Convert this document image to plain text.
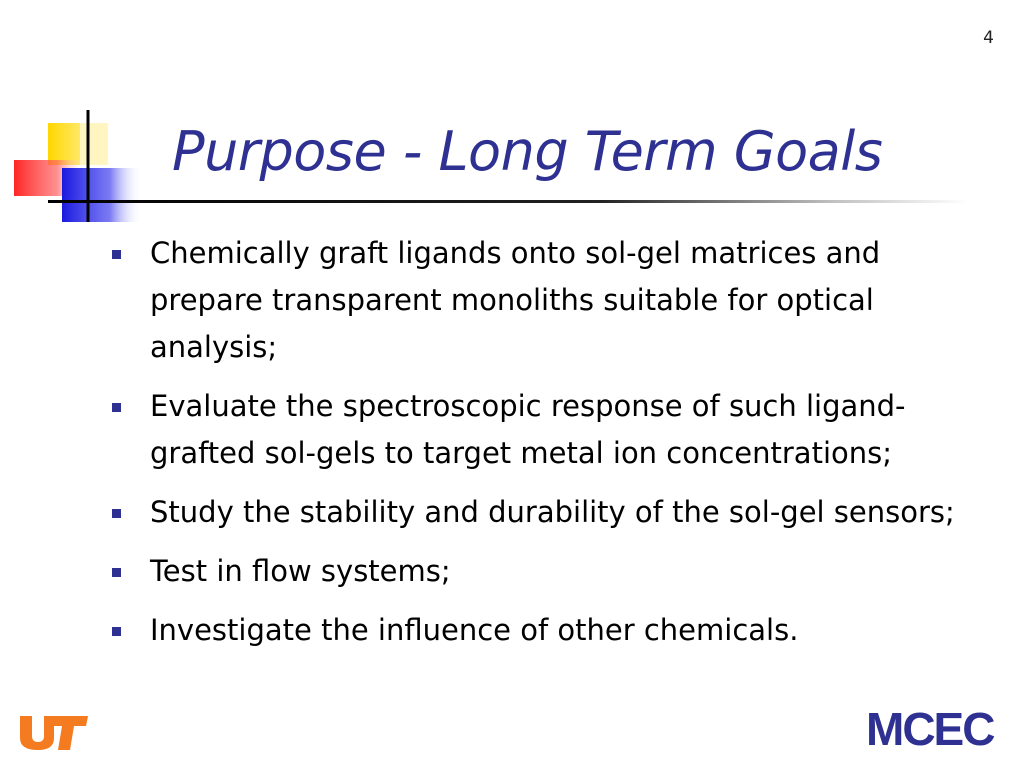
4
Purpose - Long Term Goals
Chemically graft ligands onto sol-gel matrices and prepare transparent monoliths suitable for optical analysis;
Evaluate the spectroscopic response of such ligand-grafted sol-gels to target metal ion concentrations;
Study the stability and durability of the sol-gel sensors;
Test in flow systems;
Investigate the influence of other chemicals.
MCEC
